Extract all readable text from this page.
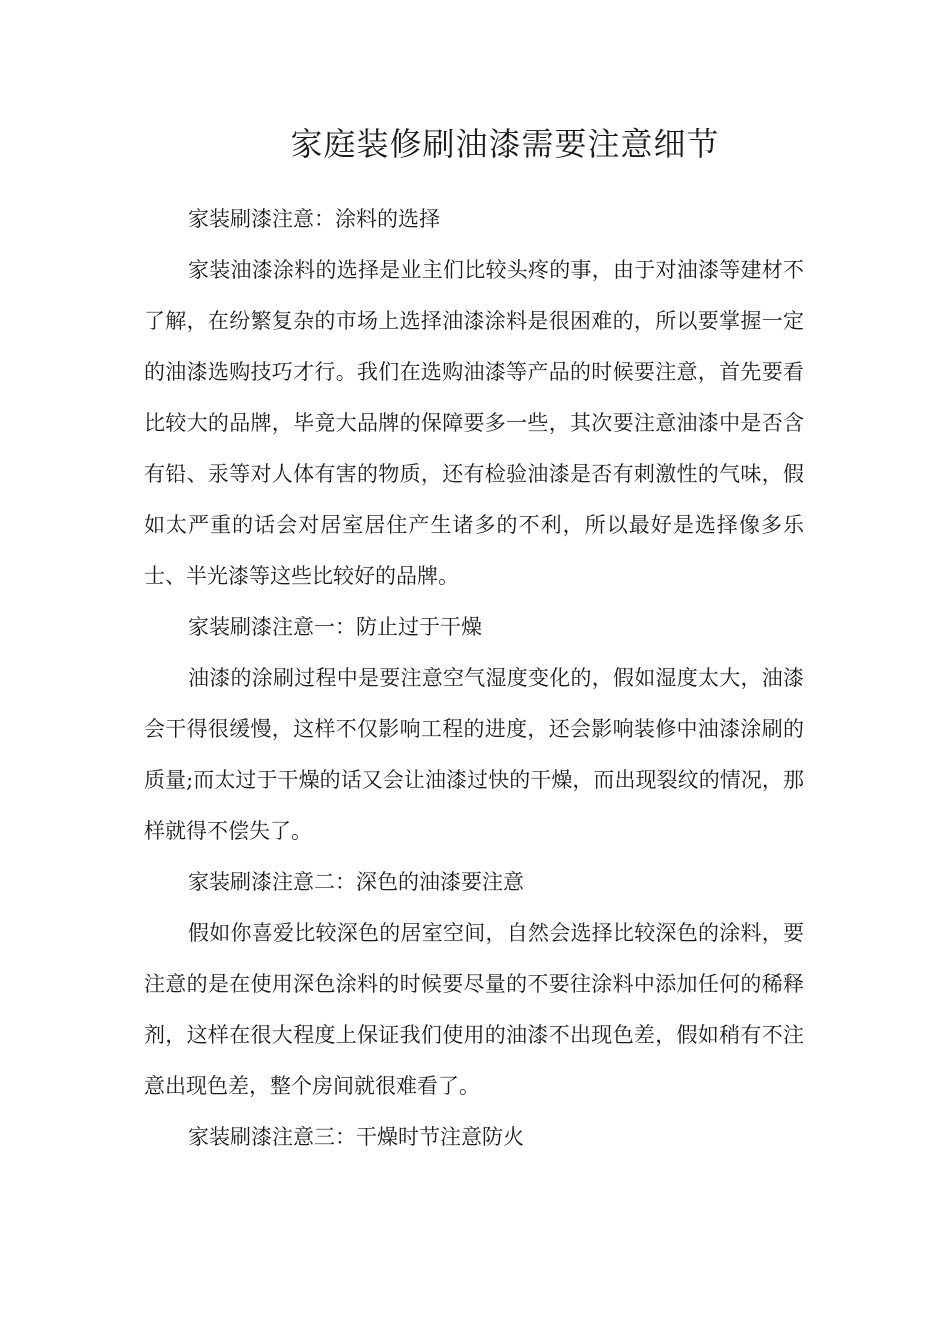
家庭装修刷油漆需要注意细节

家装刷漆注意：涂料的选择

家装油漆涂料的选择是业主们比较头疼的事，由于对油漆等建材不了解，在纷繁复杂的市场上选择油漆涂料是很困难的，所以要掌握一定的油漆选购技巧才行。我们在选购油漆等产品的时候要注意，首先要看比较大的品牌，毕竟大品牌的保障要多一些，其次要注意油漆中是否含有铅、汞等对人体有害的物质，还有检验油漆是否有刺激性的气味，假如太严重的话会对居室居住产生诸多的不利，所以最好是选择像多乐士、半光漆等这些比较好的品牌。

家装刷漆注意一：防止过于干燥

油漆的涂刷过程中是要注意空气湿度变化的，假如湿度太大，油漆会干得很缓慢，这样不仅影响工程的进度，还会影响装修中油漆涂刷的质量;而太过于干燥的话又会让油漆过快的干燥，而出现裂纹的情况，那样就得不偿失了。

家装刷漆注意二：深色的油漆要注意

假如你喜爱比较深色的居室空间，自然会选择比较深色的涂料，要注意的是在使用深色涂料的时候要尽量的不要往涂料中添加任何的稀释剂，这样在很大程度上保证我们使用的油漆不出现色差，假如稍有不注意出现色差，整个房间就很难看了。

家装刷漆注意三：干燥时节注意防火
